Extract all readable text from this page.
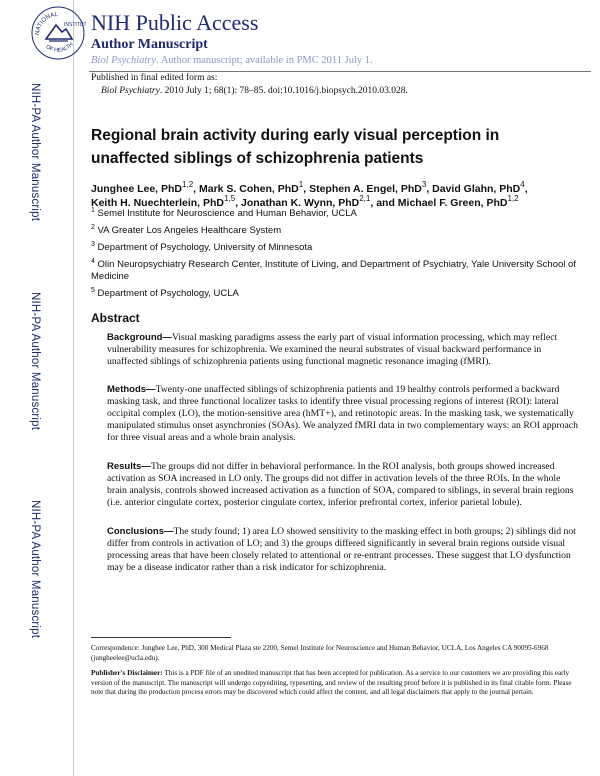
NIH-PA Author Manuscript
NIH-PA Author Manuscript
NIH-PA Author Manuscript
NATIONAL
INSTITUT
OF HEALTH
NIH Public Access
Author Manuscript
Biol Psychiatry. Author manuscript; available in PMC 2011 July 1.
Published in final edited form as:
Biol Psychiatry. 2010 July 1; 68(1): 78–85. doi:10.1016/j.biopsych.2010.03.028.
Regional brain activity during early visual perception in unaffected siblings of schizophrenia patients
Junghee Lee, PhD$^{1,2}$, Mark S. Cohen, PhD$^1$, Stephen A. Engel, PhD$^3$, David Glahn, PhD$^4$,
Keith H. Nuechterlein, PhD$^{1,5}$, Jonathan K. Wynn, PhD$^{2,1}$, and Michael F. Green, PhD$^{1,2}$
$^1$ Semel Institute for Neuroscience and Human Behavior, UCLA
$^2$ VA Greater Los Angeles Healthcare System
$^3$ Department of Psychology, University of Minnesota
$^4$ Olin Neuropsychiatry Research Center, Institute of Living, and Department of Psychiatry, Yale University School of Medicine
$^5$ Department of Psychology, UCLA
Abstract
Background—Visual masking paradigms assess the early part of visual information processing, which may reflect vulnerability measures for schizophrenia. We examined the neural substrates of visual backward performance in unaffected siblings of schizophrenia patients using functional magnetic resonance imaging (fMRI).
Methods—Twenty-one unaffected siblings of schizophrenia patients and 19 healthy controls performed a backward masking task, and three functional localizer tasks to identify three visual processing regions of interest (ROI): lateral occipital complex (LO), the motion-sensitive area (hMT+), and retinotopic areas. In the masking task, we systematically manipulated stimulus onset asynchronies (SOAs). We analyzed fMRI data in two complementary ways: an ROI approach for three visual areas and a whole brain analysis.
Results—The groups did not differ in behavioral performance. In the ROI analysis, both groups showed increased activation as SOA increased in LO only. The groups did not differ in activation levels of the three ROIs. In the whole brain analysis, controls showed increased activation as a function of SOA, compared to siblings, in several brain regions (i.e. anterior cingulate cortex, posterior cingulate cortex, inferior prefrontal cortex, inferior parietal lobule).
Conclusions—The study found; 1) area LO showed sensitivity to the masking effect in both groups; 2) siblings did not differ from controls in activation of LO; and 3) the groups differed significantly in several brain regions outside visual processing areas that have been closely related to attentional or re-entrant processes. These suggest that LO dysfunction may be a disease indicator rather than a risk indicator for schizophrenia.
Correspondence: Junghee Lee, PhD, 300 Medical Plaza ste 2200, Semel Institute for Neuroscience and Human Behavior, UCLA, Los Angeles CA 90095-6968 (jungheelee@ucla.edu).
Publisher's Disclaimer: This is a PDF file of an unedited manuscript that has been accepted for publication. As a service to our customers we are providing this early version of the manuscript. The manuscript will undergo copyediting, typesetting, and review of the resulting proof before it is published in its final citable form. Please note that during the production process errors may be discovered which could affect the content, and all legal disclaimers that apply to the journal pertain.
